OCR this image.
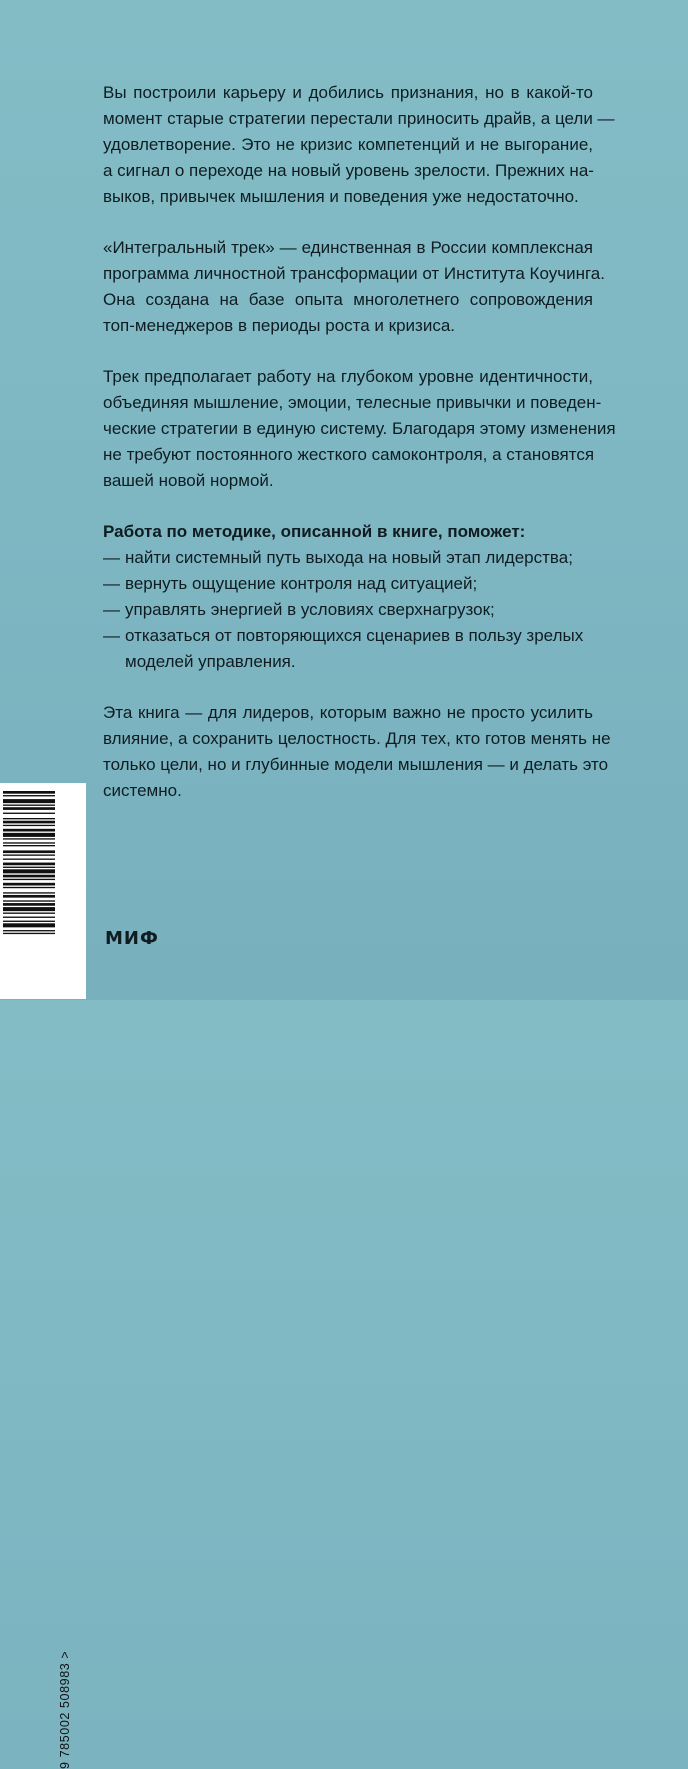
Вы построили карьеру и добились признания, но в какой-то
момент старые стратегии перестали приносить драйв, а цели —
удовлетворение. Это не кризис компетенций и не выгорание,
а сигнал о переходе на новый уровень зрелости. Прежних на-
выков, привычек мышления и поведения уже недостаточно.

«Интегральный трек» — единственная в России комплексная
программа личностной трансформации от Института Коучинга.
Она создана на базе опыта многолетнего сопровождения
топ-менеджеров в периоды роста и кризиса.

Трек предполагает работу на глубоком уровне идентичности,
объединяя мышление, эмоции, телесные привычки и поведен-
ческие стратегии в единую систему. Благодаря этому изменения
не требуют постоянного жесткого самоконтроля, а становятся
вашей новой нормой.

Работа по методике, описанной в книге, поможет:

— найти системный путь выхода на новый этап лидерства;
— вернуть ощущение контроля над ситуацией;
— управлять энергией в условиях сверхнагрузок;
— отказаться от повторяющихся сценариев в пользу зрелых
моделей управления.

Эта книга — для лидеров, которым важно не просто усилить
влияние, а сохранить целостность. Для тех, кто готов менять не
только цели, но и глубинные модели мышления — и делать это
системно.

9 785002 508983 >
МИФ
